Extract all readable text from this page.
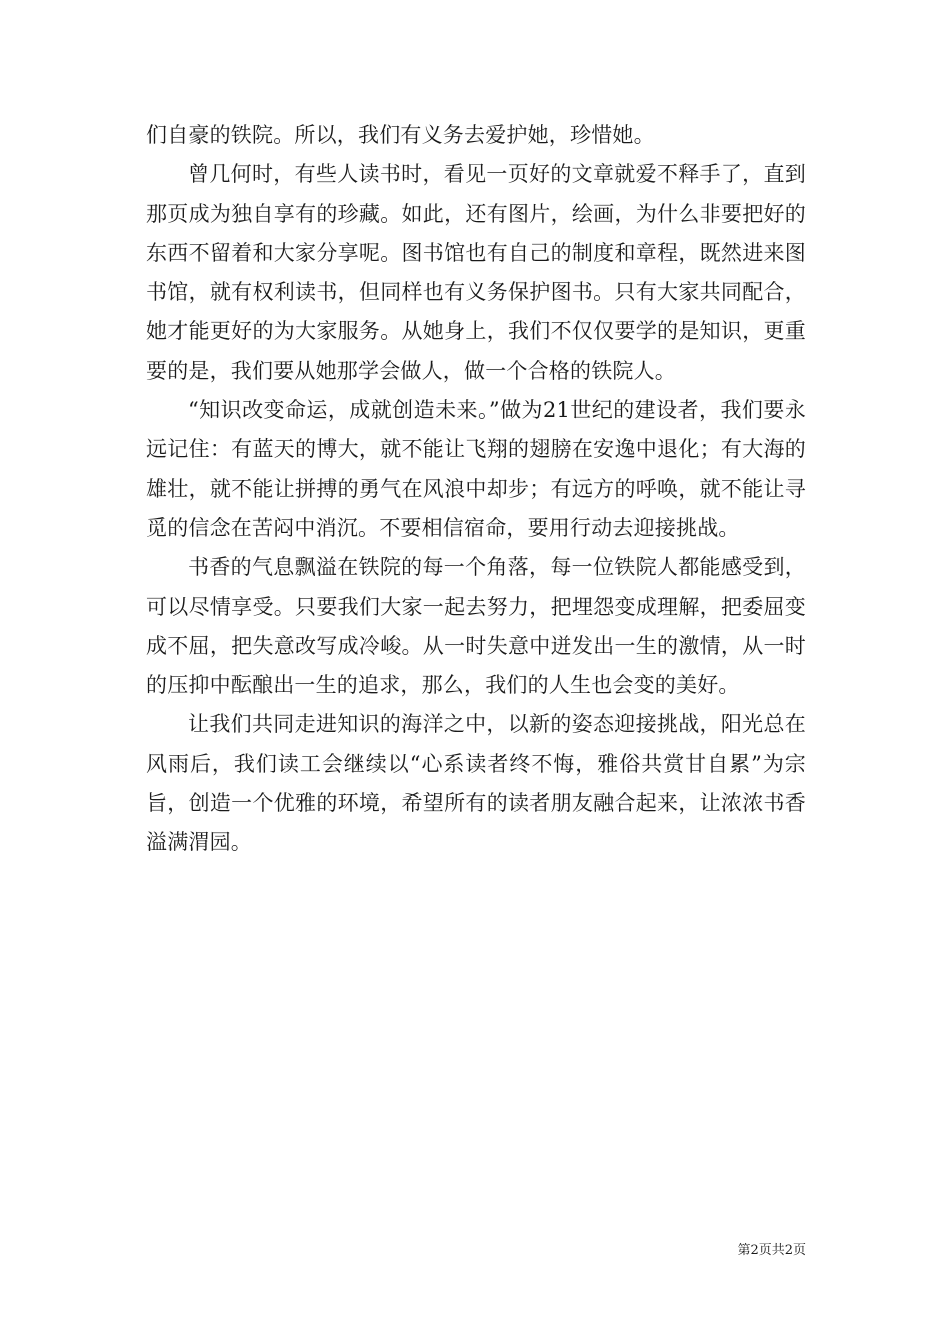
们自豪的铁院。所以，我们有义务去爱护她，珍惜她。

曾几何时，有些人读书时，看见一页好的文章就爱不释手了，直到那页成为独自享有的珍藏。如此，还有图片，绘画，为什么非要把好的东西不留着和大家分享呢。图书馆也有自己的制度和章程，既然进来图书馆，就有权利读书，但同样也有义务保护图书。只有大家共同配合，她才能更好的为大家服务。从她身上，我们不仅仅要学的是知识，更重要的是，我们要从她那学会做人，做一个合格的铁院人。

“知识改变命运，成就创造未来。”做为21世纪的建设者，我们要永远记住：有蓝天的博大，就不能让飞翔的翅膀在安逸中退化；有大海的雄壮，就不能让拼搏的勇气在风浪中却步；有远方的呼唤，就不能让寻觅的信念在苦闷中消沉。不要相信宿命，要用行动去迎接挑战。

书香的气息飘溢在铁院的每一个角落，每一位铁院人都能感受到，可以尽情享受。只要我们大家一起去努力，把埋怨变成理解，把委屈变成不屈，把失意改写成冷峻。从一时失意中迸发出一生的激情，从一时的压抑中酝酿出一生的追求，那么，我们的人生也会变的美好。

让我们共同走进知识的海洋之中，以新的姿态迎接挑战，阳光总在风雨后，我们读工会继续以“心系读者终不悔，雅俗共赏甘自累”为宗旨，创造一个优雅的环境，希望所有的读者朋友融合起来，让浓浓书香溢满渭园。

第2页共2页
